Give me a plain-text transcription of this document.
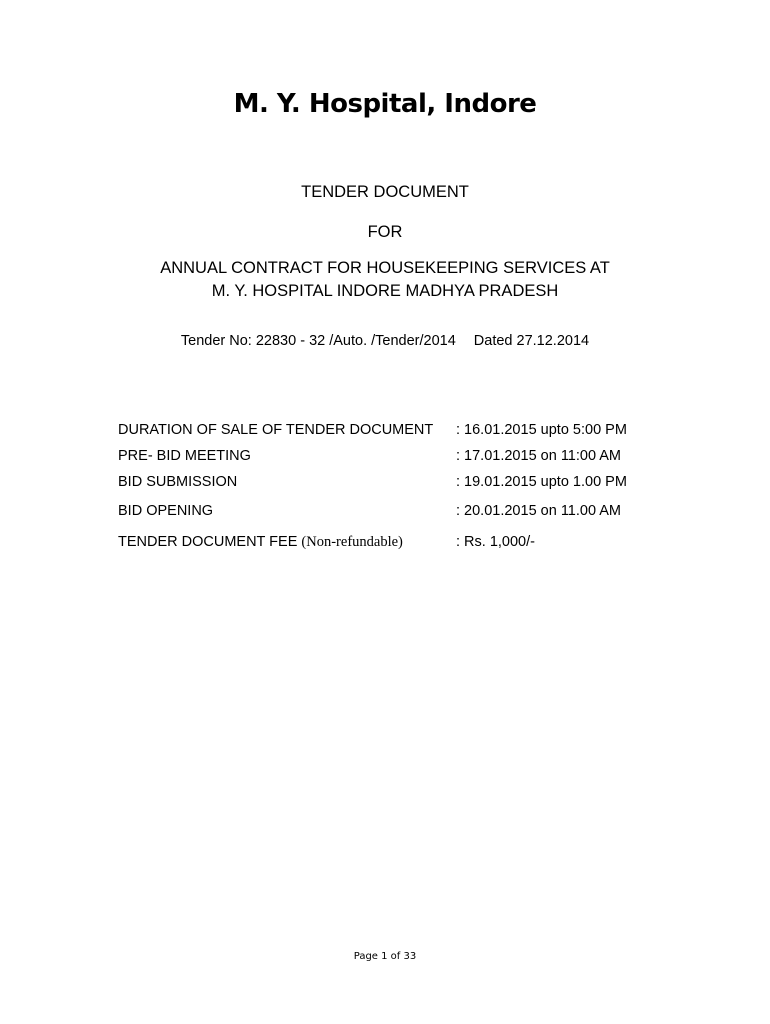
M. Y. Hospital, Indore
TENDER DOCUMENT
FOR
ANNUAL CONTRACT FOR HOUSEKEEPING SERVICES AT
M. Y. HOSPITAL INDORE MADHYA PRADESH
Tender No: 22830 - 32 /Auto. /Tender/2014 Dated 27.12.2014
DURATION OF SALE OF TENDER DOCUMENT : 16.01.2015 upto 5:00 PM
PRE- BID MEETING	: 17.01.2015 on 11:00 AM
BID SUBMISSION	: 19.01.2015 upto 1.00 PM
BID OPENING	: 20.01.2015 on 11.00 AM
TENDER DOCUMENT FEE (Non-refundable)	: Rs. 1,000/-
Page 1 of 33
